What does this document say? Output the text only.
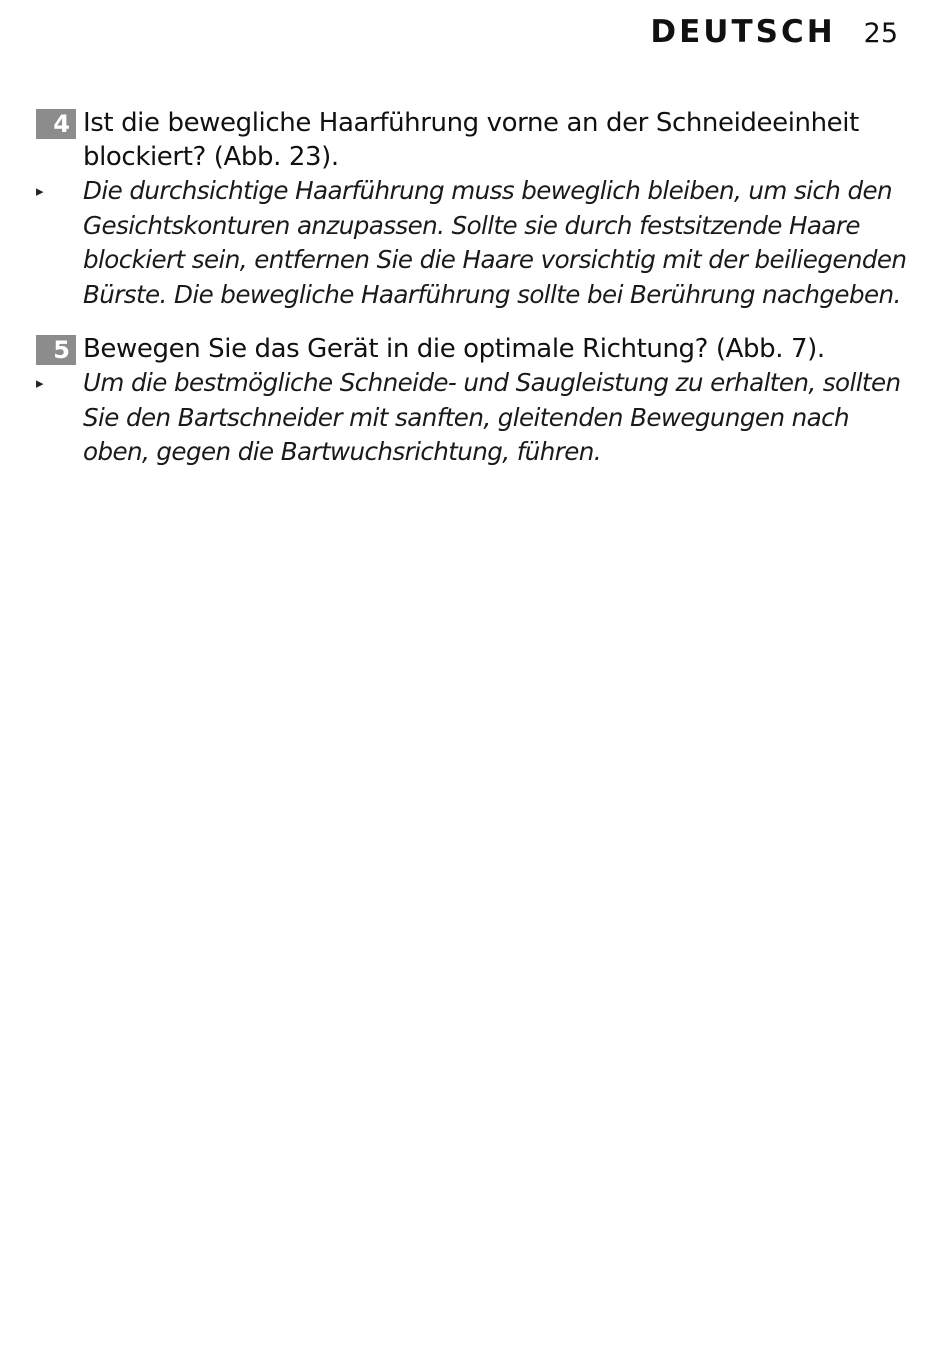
DEUTSCH 25
4 Ist die bewegliche Haarführung vorne an der Schneideeinheit blockiert? (Abb. 23).
▸	Die durchsichtige Haarführung muss beweglich bleiben, um sich den Gesichtskonturen anzupassen. Sollte sie durch festsitzende Haare blockiert sein, entfernen Sie die Haare vorsichtig mit der beiliegenden Bürste. Die bewegliche Haarführung sollte bei Berührung nachgeben.
5 Bewegen Sie das Gerät in die optimale Richtung? (Abb. 7).
▸	Um die bestmögliche Schneide- und Saugleistung zu erhalten, sollten Sie den Bartschneider mit sanften, gleitenden Bewegungen nach oben, gegen die Bartwuchsrichtung, führen.
